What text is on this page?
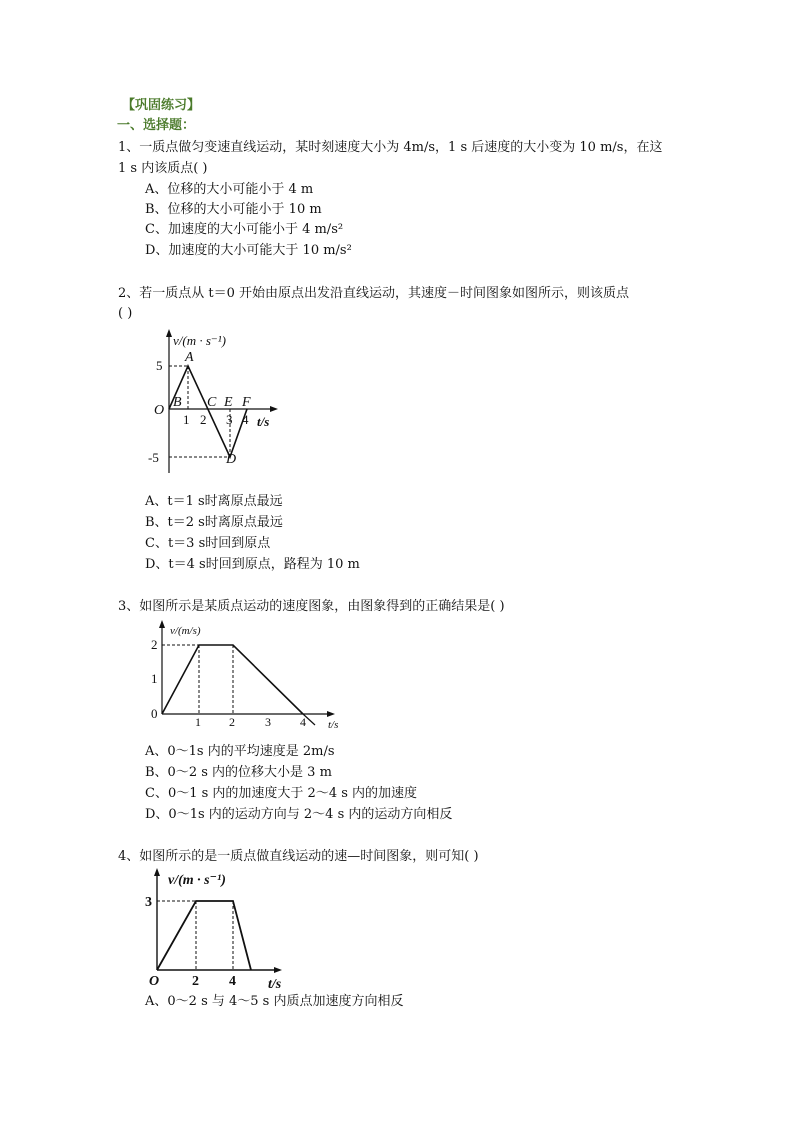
【巩固练习】
一、选择题：
1、一质点做匀变速直线运动，某时刻速度大小为 4m/s，1 s 后速度的大小变为 10 m/s，在这
1 s 内该质点( )
A、位移的大小可能小于 4 m
B、位移的大小可能小于 10 m
C、加速度的大小可能小于 4 m/s²
D、加速度的大小可能大于 10 m/s²
2、若一质点从 t＝0 开始由原点出发沿直线运动，其速度－时间图象如图所示，则该质点
( )
v/(m · s⁻¹)
t/s
O
5
-5
1 2 3 4
A
B C E F
D
A、t＝1 s时离原点最远
B、t＝2 s时离原点最远
C、t＝3 s时回到原点
D、t＝4 s时回到原点，路程为 10 m
3、如图所示是某质点运动的速度图象，由图象得到的正确结果是( )
v/(m/s)
t/s
2
1
0
1 2	3 4
A、0～1s 内的平均速度是 2m/s
B、0～2 s 内的位移大小是 3 m
C、0～1 s 内的加速度大于 2～4 s 内的加速度
D、0～1s 内的运动方向与 2～4 s 内的运动方向相反
4、如图所示的是一质点做直线运动的速—时间图象，则可知( )
v/(m · s⁻¹)
t/s
O
3
2 4
A、0～2 s 与 4～5 s 内质点加速度方向相反
